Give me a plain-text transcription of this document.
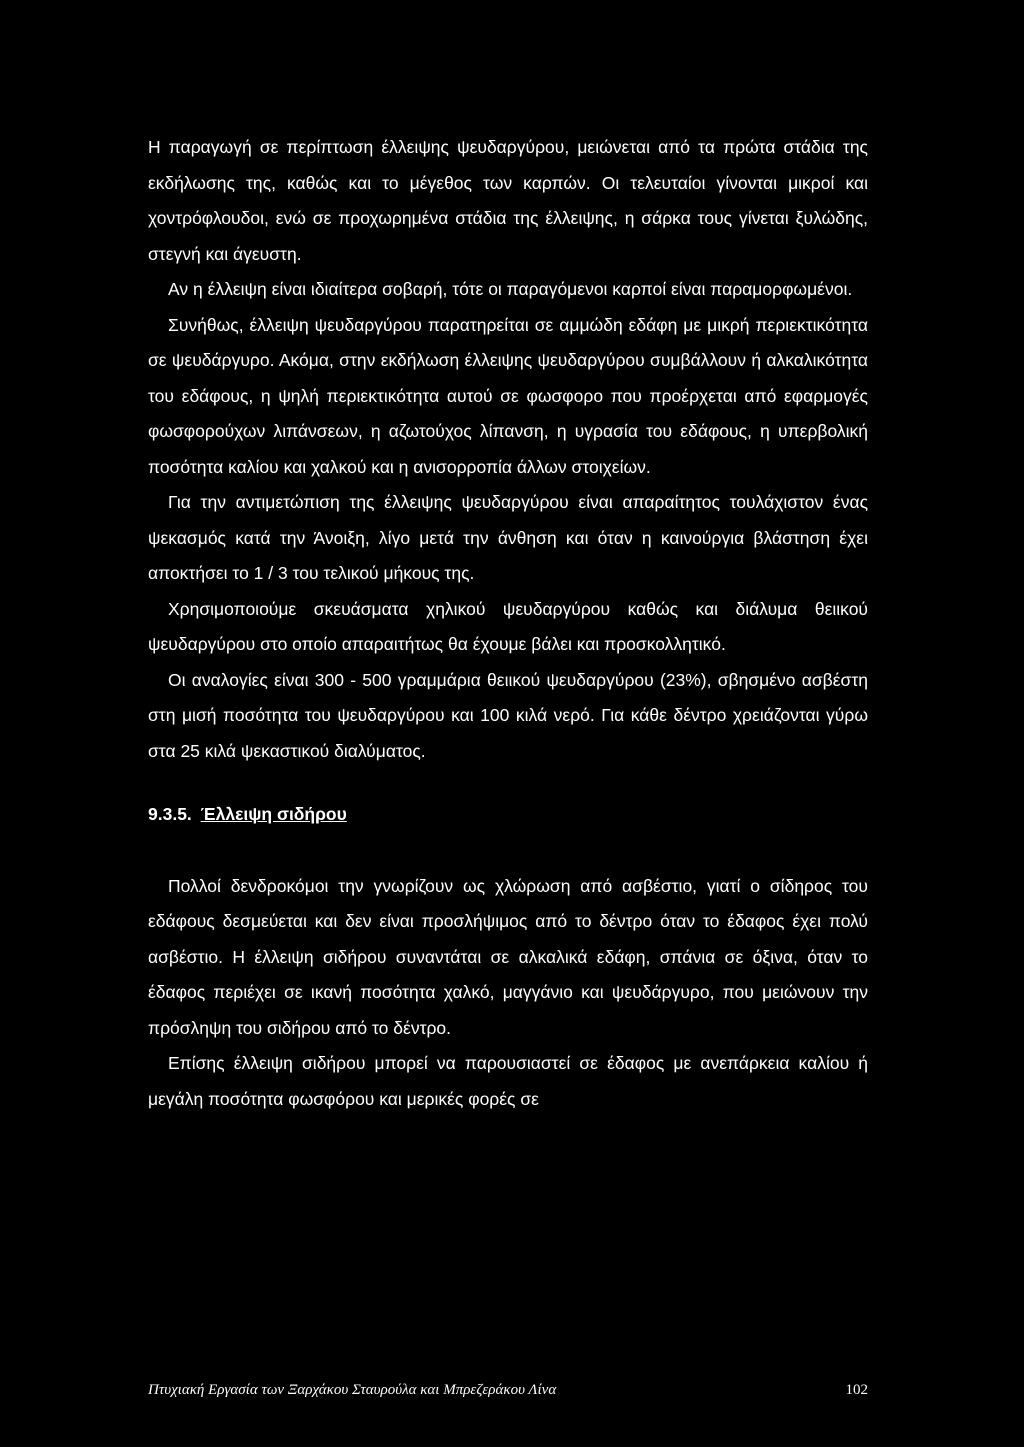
Η παραγωγή σε περίπτωση έλλειψης ψευδαργύρου, μειώνεται από τα πρώτα στάδια της εκδήλωσης της, καθώς και το μέγεθος των καρπών. Οι τελευταίοι γίνονται μικροί και χοντρόφλουδοι, ενώ σε προχωρημένα στάδια της έλλειψης, η σάρκα τους γίνεται ξυλώδης, στεγνή και άγευστη.

Αν η έλλειψη είναι ιδιαίτερα σοβαρή, τότε οι παραγόμενοι καρποί είναι παραμορφωμένοι.

Συνήθως, έλλειψη ψευδαργύρου παρατηρείται σε αμμώδη εδάφη με μικρή περιεκτικότητα σε ψευδάργυρο. Ακόμα, στην εκδήλωση έλλειψης ψευδαργύρου συμβάλλουν ή αλκαλικότητα του εδάφους, η ψηλή περιεκτικότητα αυτού σε φωσφορο που προέρχεται από εφαρμογές φωσφορούχων λιπάνσεων, η αζωτούχος λίπανση, η υγρασία του εδάφους, η υπερβολική ποσότητα καλίου και χαλκού και η ανισορροπία άλλων στοιχείων.

Για την αντιμετώπιση της έλλειψης ψευδαργύρου είναι απαραίτητος τουλάχιστον ένας ψεκασμός κατά την Άνοιξη, λίγο μετά την άνθηση και όταν η καινούργια βλάστηση έχει αποκτήσει το 1 / 3 του τελικού μήκους της.

Χρησιμοποιούμε σκευάσματα χηλικού ψευδαργύρου καθώς και διάλυμα θειικού ψευδαργύρου στο οποίο απαραιτήτως θα έχουμε βάλει και προσκολλητικό.

Οι αναλογίες είναι 300 - 500 γραμμάρια θειικού ψευδαργύρου (23%), σβησμένο ασβέστη στη μισή ποσότητα του ψευδαργύρου και 100 κιλά νερό. Για κάθε δέντρο χρειάζονται γύρω στα 25 κιλά ψεκαστικού διαλύματος.

9.3.5. Έλλειψη σιδήρου

Πολλοί δενδροκόμοι την γνωρίζουν ως χλώρωση από ασβέστιο, γιατί ο σίδηρος του εδάφους δεσμεύεται και δεν είναι προσλήψιμος από το δέντρο όταν το έδαφος έχει πολύ ασβέστιο. Η έλλειψη σιδήρου συναντάται σε αλκαλικά εδάφη, σπάνια σε όξινα, όταν το έδαφος περιέχει σε ικανή ποσότητα χαλκό, μαγγάνιο και ψευδάργυρο, που μειώνουν την πρόσληψη του σιδήρου από το δέντρο.

Επίσης έλλειψη σιδήρου μπορεί να παρουσιαστεί σε έδαφος με ανεπάρκεια καλίου ή μεγάλη ποσότητα φωσφόρου και μερικές φορές σε

Πτυχιακή Εργασία των Ξαρχάκου Σταυρούλα και Μπρεζεράκου Λίνα	102
